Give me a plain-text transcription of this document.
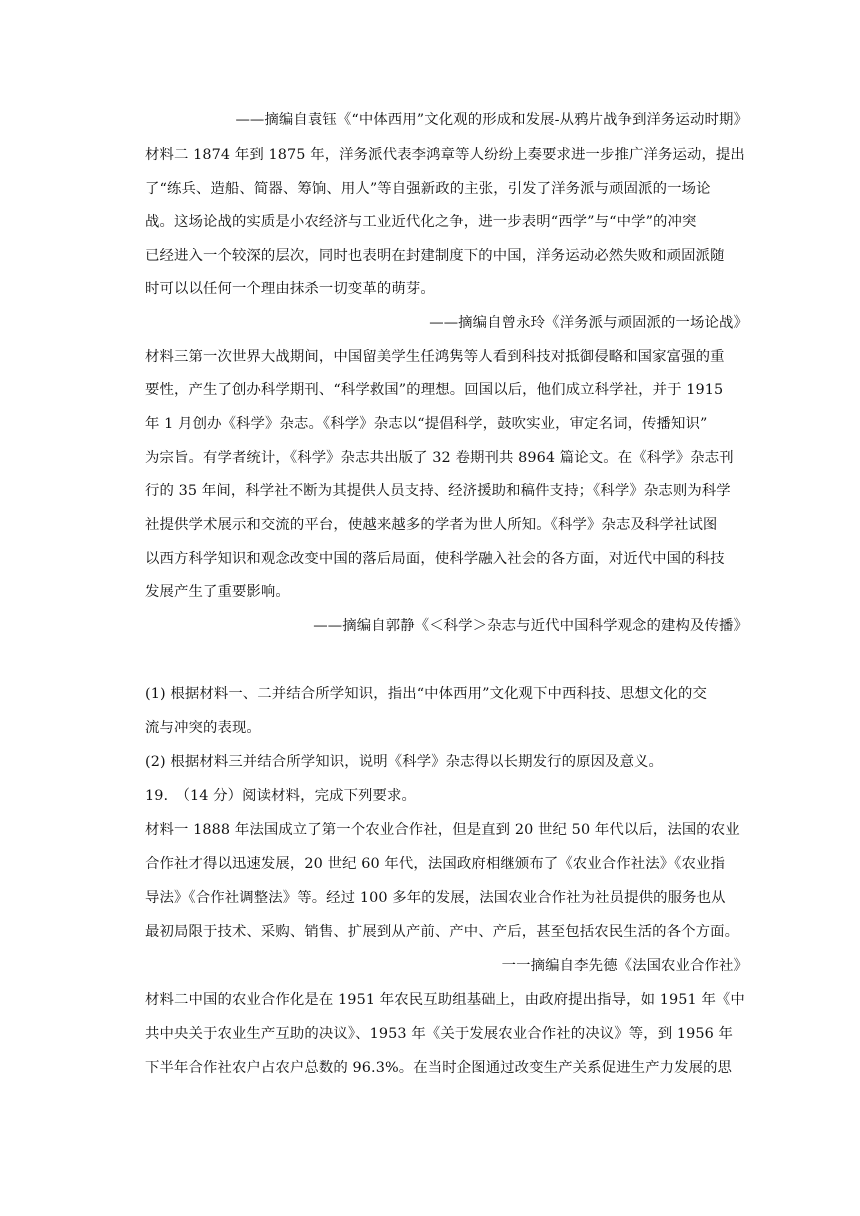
——摘编自袁钰《“中体西用”文化观的形成和发展-从鸦片战争到洋务运动时期》
材料二 1874 年到 1875 年，洋务派代表李鸿章等人纷纷上奏要求进一步推广洋务运动，提出
了“练兵、造船、简器、筹饷、用人”等自强新政的主张，引发了洋务派与顽固派的一场论
战。这场论战的实质是小农经济与工业近代化之争，进一步表明“西学”与“中学”的冲突
已经进入一个较深的层次，同时也表明在封建制度下的中国，洋务运动必然失败和顽固派随
时可以以任何一个理由抹杀一切变革的萌芽。
——摘编自曾永玲《洋务派与顽固派的一场论战》
材料三第一次世界大战期间，中国留美学生任鸿隽等人看到科技对抵御侵略和国家富强的重
要性，产生了创办科学期刊、“科学救国”的理想。回国以后，他们成立科学社，并于 1915
年 1 月创办《科学》杂志。《科学》杂志以“提倡科学，鼓吹实业，审定名词，传播知识”
为宗旨。有学者统计，《科学》杂志共出版了 32 卷期刊共 8964 篇论文。在《科学》杂志刊
行的 35 年间，科学社不断为其提供人员支持、经济援助和稿件支持；《科学》杂志则为科学
社提供学术展示和交流的平台，使越来越多的学者为世人所知。《科学》杂志及科学社试图
以西方科学知识和观念改变中国的落后局面，使科学融入社会的各方面，对近代中国的科技
发展产生了重要影响。
——摘编自郭静《＜科学＞杂志与近代中国科学观念的建构及传播》
(1) 根据材料一、二并结合所学知识，指出“中体西用”文化观下中西科技、思想文化的交
流与冲突的表现。
(2) 根据材料三并结合所学知识，说明《科学》杂志得以长期发行的原因及意义。
19.　（14 分）阅读材料，完成下列要求。
材料一 1888 年法国成立了第一个农业合作社，但是直到 20 世纪 50 年代以后，法国的农业
合作社才得以迅速发展，20 世纪 60 年代，法国政府相继颁布了《农业合作社法》《农业指
导法》《合作社调整法》等。经过 100 多年的发展，法国农业合作社为社员提供的服务也从
最初局限于技术、采购、销售、扩展到从产前、产中、产后，甚至包括农民生活的各个方面。
一一摘编自李先德《法国农业合作社》
材料二中国的农业合作化是在 1951 年农民互助组基础上，由政府提出指导，如 1951 年《中
共中央关于农业生产互助的决议》、1953 年《关于发展农业合作社的决议》等，到 1956 年
下半年合作社农户占农户总数的 96.3%。在当时企图通过改变生产关系促进生产力发展的思
